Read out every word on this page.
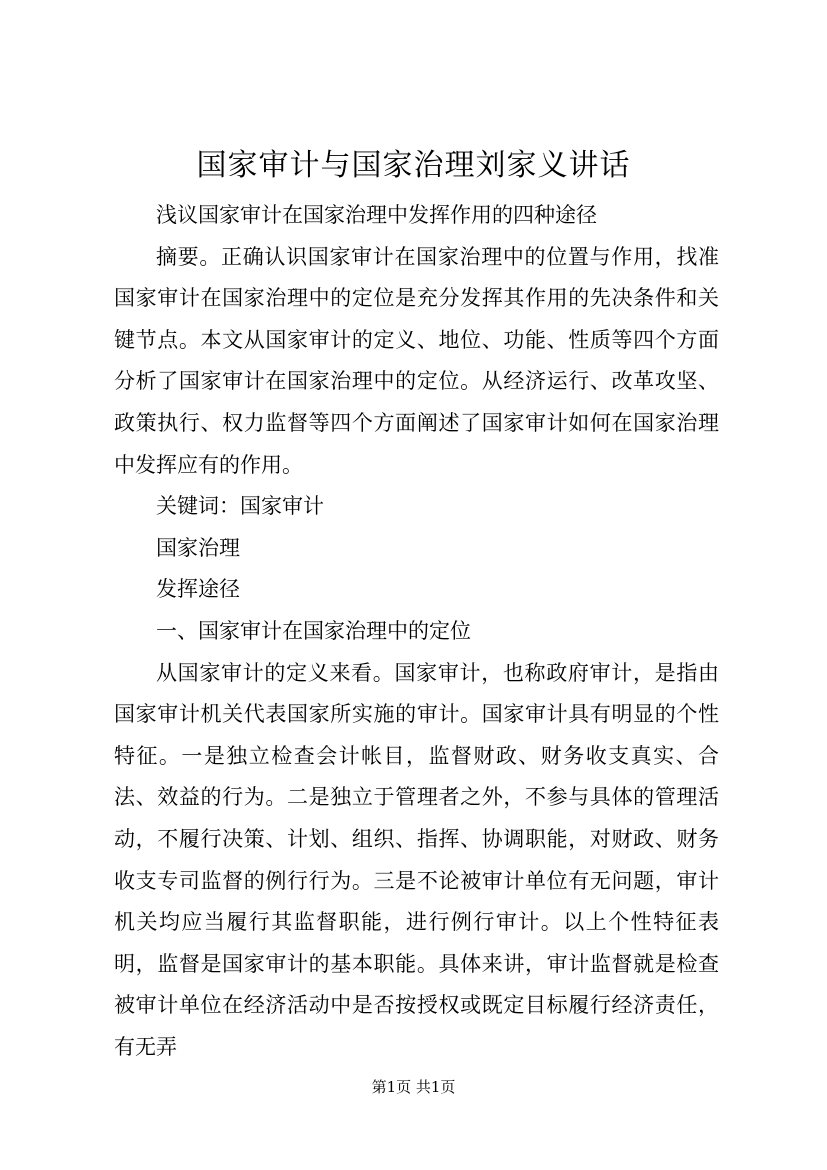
国家审计与国家治理刘家义讲话

浅议国家审计在国家治理中发挥作用的四种途径

摘要。正确认识国家审计在国家治理中的位置与作用，找准国家审计在国家治理中的定位是充分发挥其作用的先决条件和关键节点。本文从国家审计的定义、地位、功能、性质等四个方面分析了国家审计在国家治理中的定位。从经济运行、改革攻坚、政策执行、权力监督等四个方面阐述了国家审计如何在国家治理中发挥应有的作用。

关键词：国家审计

国家治理

发挥途径

一、国家审计在国家治理中的定位

从国家审计的定义来看。国家审计，也称政府审计，是指由国家审计机关代表国家所实施的审计。国家审计具有明显的个性特征。一是独立检查会计帐目，监督财政、财务收支真实、合法、效益的行为。二是独立于管理者之外，不参与具体的管理活动，不履行决策、计划、组织、指挥、协调职能，对财政、财务收支专司监督的例行行为。三是不论被审计单位有无问题，审计机关均应当履行其监督职能，进行例行审计。以上个性特征表明，监督是国家审计的基本职能。具体来讲，审计监督就是检查被审计单位在经济活动中是否按授权或既定目标履行经济责任，有无弄

第1页 共1页
